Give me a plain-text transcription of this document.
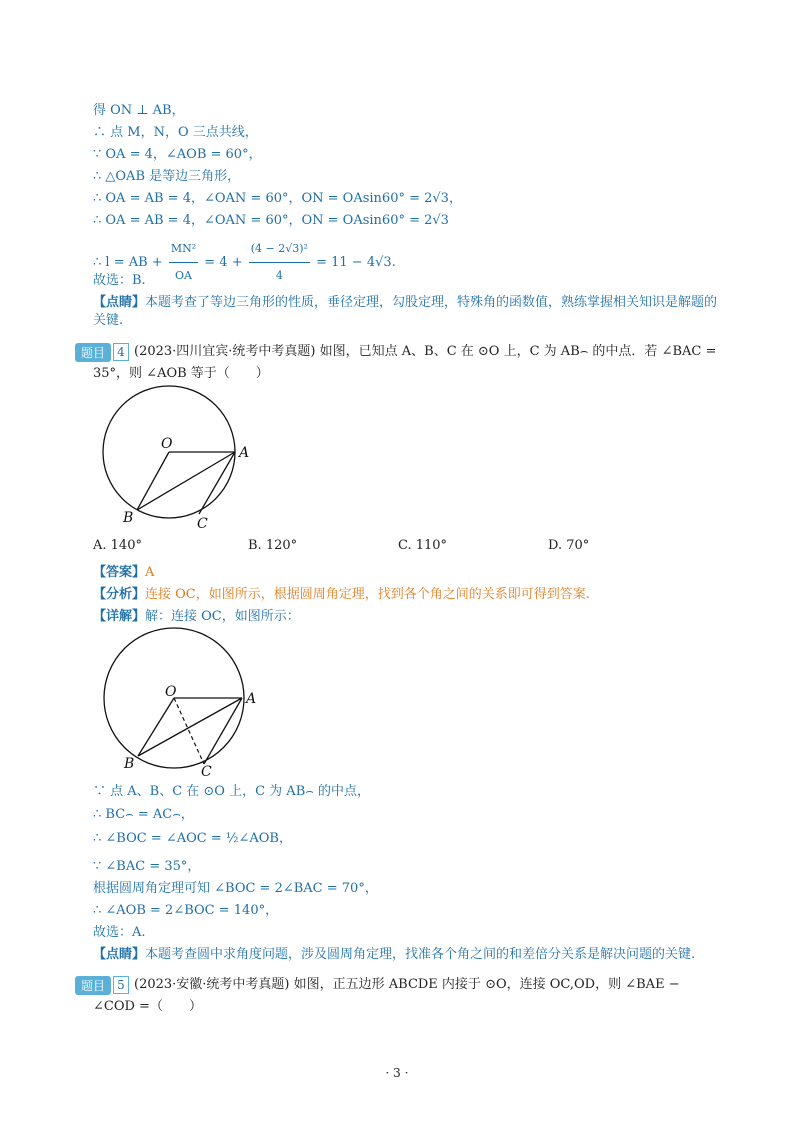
得 ON ⊥ AB，
∴ 点 M，N，O 三点共线，
∵ OA = 4，∠AOB = 60°，
∴ △OAB 是等边三角形，
∴ OA = AB = 4，∠OAN = 60°，ON = OAsin60° = 2√3，
∴ OA = AB = 4，∠OAN = 60°，ON = OAsin60° = 2√3
∴ l = AB + $\frac{\text{MN²}}{OA} = 4 + \frac{\text{(4 − 2√3)²}}{4} = 11 - 4√3$.
故选：B.
【点睛】本题考查了等边三角形的性质，垂径定理，勾股定理，特殊角的函数值，熟练掌握相关知识是解题的关键.
题目	4 (2023·四川宜宾·统考中考真题) 如图，已知点 A、B、C 在 ⊙O 上，C 为 AB⌢ 的中点．若 ∠BAC =
35°，则 ∠AOB 等于（　　）
O
A
B	C
A. 140°	B. 120°	C. 110°	D. 70°
【答案】A
【分析】连接 OC，如图所示，根据圆周角定理，找到各个角之间的关系即可得到答案.
【详解】解：连接 OC，如图所示：
O	A
B	C
∵ 点 A、B、C 在 ⊙O 上，C 为 AB⌢ 的中点，
∴ BC⌢ = AC⌢，
∴ ∠BOC = ∠AOC = ½∠AOB，
∵ ∠BAC = 35°，
根据圆周角定理可知 ∠BOC = 2∠BAC = 70°，
∴ ∠AOB = 2∠BOC = 140°，
故选：A.
【点睛】本题考查圆中求角度问题，涉及圆周角定理，找准各个角之间的和差倍分关系是解决问题的关键.
题目	5 (2023·安徽·统考中考真题) 如图，正五边形 ABCDE 内接于 ⊙O，连接 OC,OD，则 ∠BAE −
∠COD =（　　）
· 3 ·
